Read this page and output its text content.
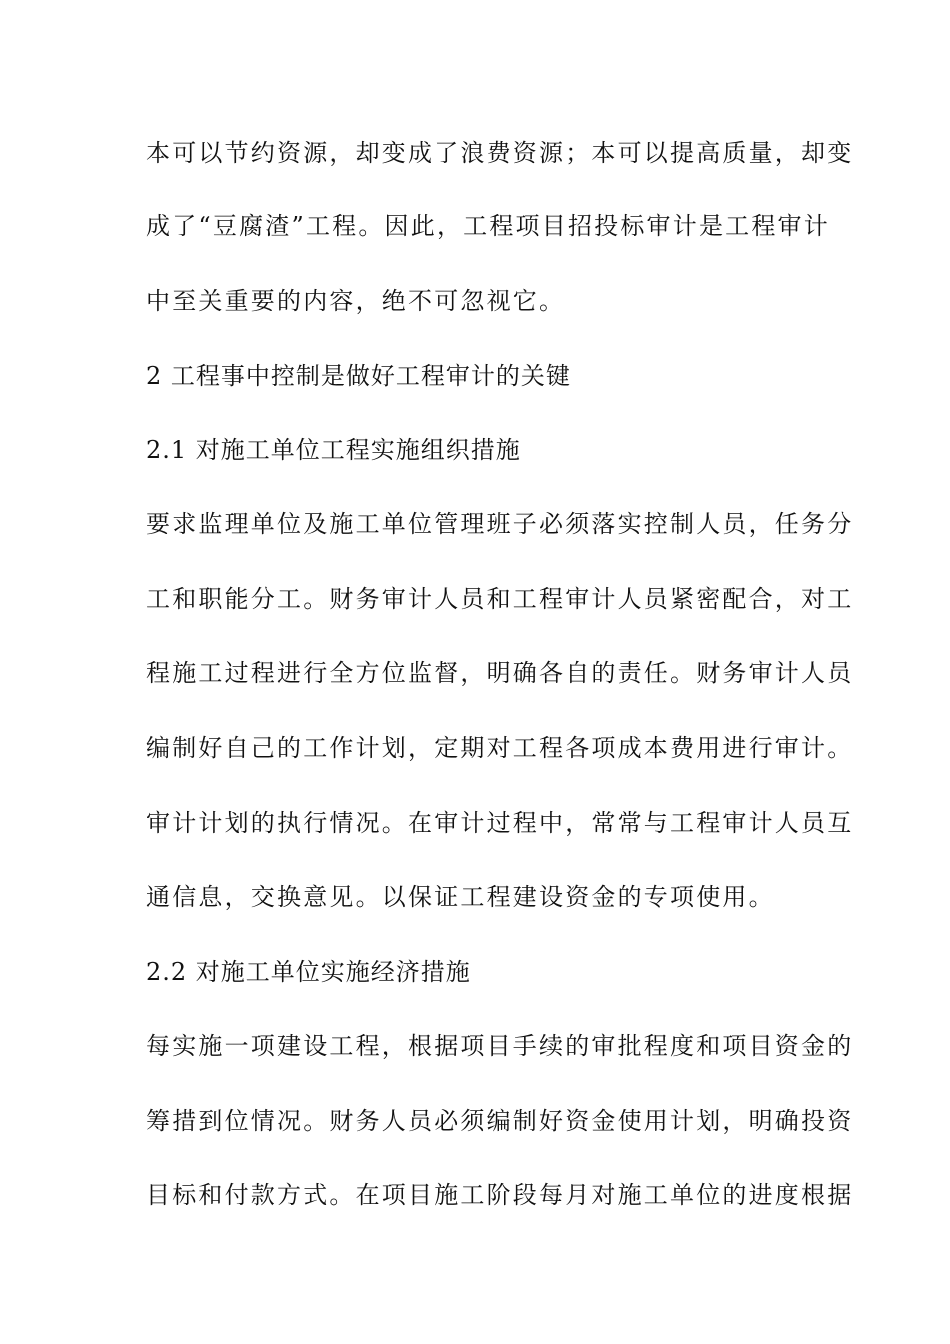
本可以节约资源，却变成了浪费资源；本可以提高质量，却变
成了“豆腐渣”工程。因此，工程项目招投标审计是工程审计
中至关重要的内容，绝不可忽视它。
2 工程事中控制是做好工程审计的关键
2.1 对施工单位工程实施组织措施
要求监理单位及施工单位管理班子必须落实控制人员，任务分
工和职能分工。财务审计人员和工程审计人员紧密配合，对工
程施工过程进行全方位监督，明确各自的责任。财务审计人员
编制好自己的工作计划，定期对工程各项成本费用进行审计。
审计计划的执行情况。在审计过程中，常常与工程审计人员互
通信息，交换意见。以保证工程建设资金的专项使用。
2.2 对施工单位实施经济措施
每实施一项建设工程，根据项目手续的审批程度和项目资金的
筹措到位情况。财务人员必须编制好资金使用计划，明确投资
目标和付款方式。在项目施工阶段每月对施工单位的进度根据
